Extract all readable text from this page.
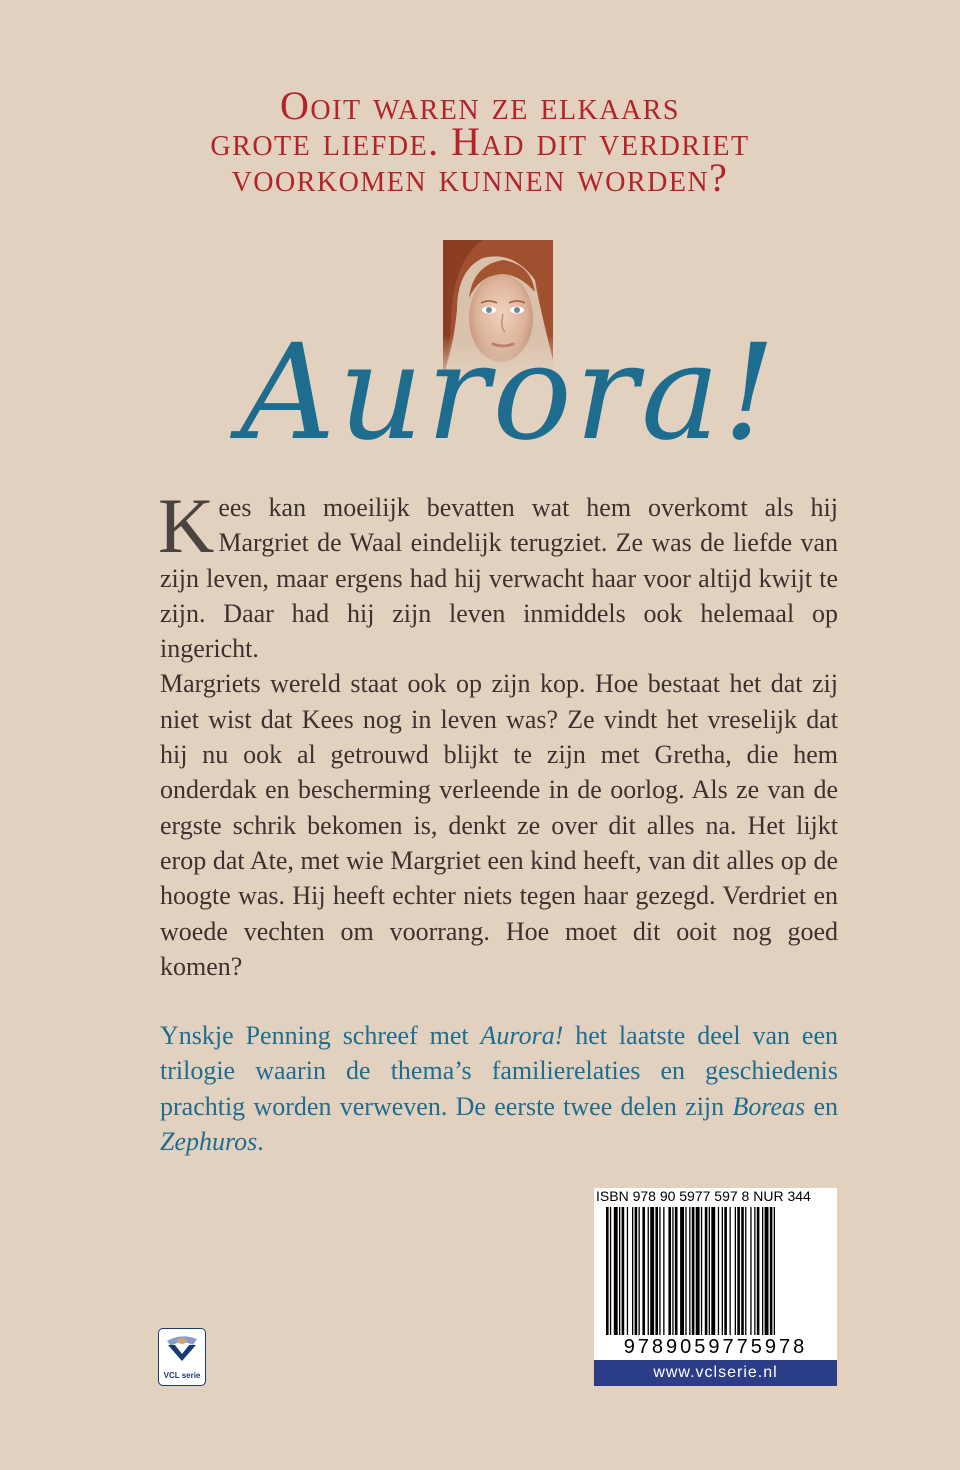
Ooit waren ze elkaars
grote liefde. Had dit verdriet
voorkomen kunnen worden?
Aurora!

Kees kan moeilijk bevatten wat hem overkomt als hij Margriet de Waal eindelijk terugziet. Ze was de liefde van zijn leven, maar ergens had hij verwacht haar voor altijd kwijt te zijn. Daar had hij zijn leven inmiddels ook helemaal op ingericht.

Margriets wereld staat ook op zijn kop. Hoe bestaat het dat zij niet wist dat Kees nog in leven was? Ze vindt het vreselijk dat hij nu ook al getrouwd blijkt te zijn met Gretha, die hem onderdak en bescherming verleende in de oorlog. Als ze van de ergste schrik bekomen is, denkt ze over dit alles na. Het lijkt erop dat Ate, met wie Margriet een kind heeft, van dit alles op de hoogte was. Hij heeft echter niets tegen haar gezegd. Verdriet en woede vechten om voorrang. Hoe moet dit ooit nog goed komen?

Ynskje Penning schreef met Aurora! het laatste deel van een trilogie waarin de thema’s familierelaties en geschiedenis prachtig worden verweven. De eerste twee delen zijn Boreas en Zephuros.

VCL serie
ISBN 978 90 5977 597 8 NUR 344
9789059775978
www.vclserie.nl
